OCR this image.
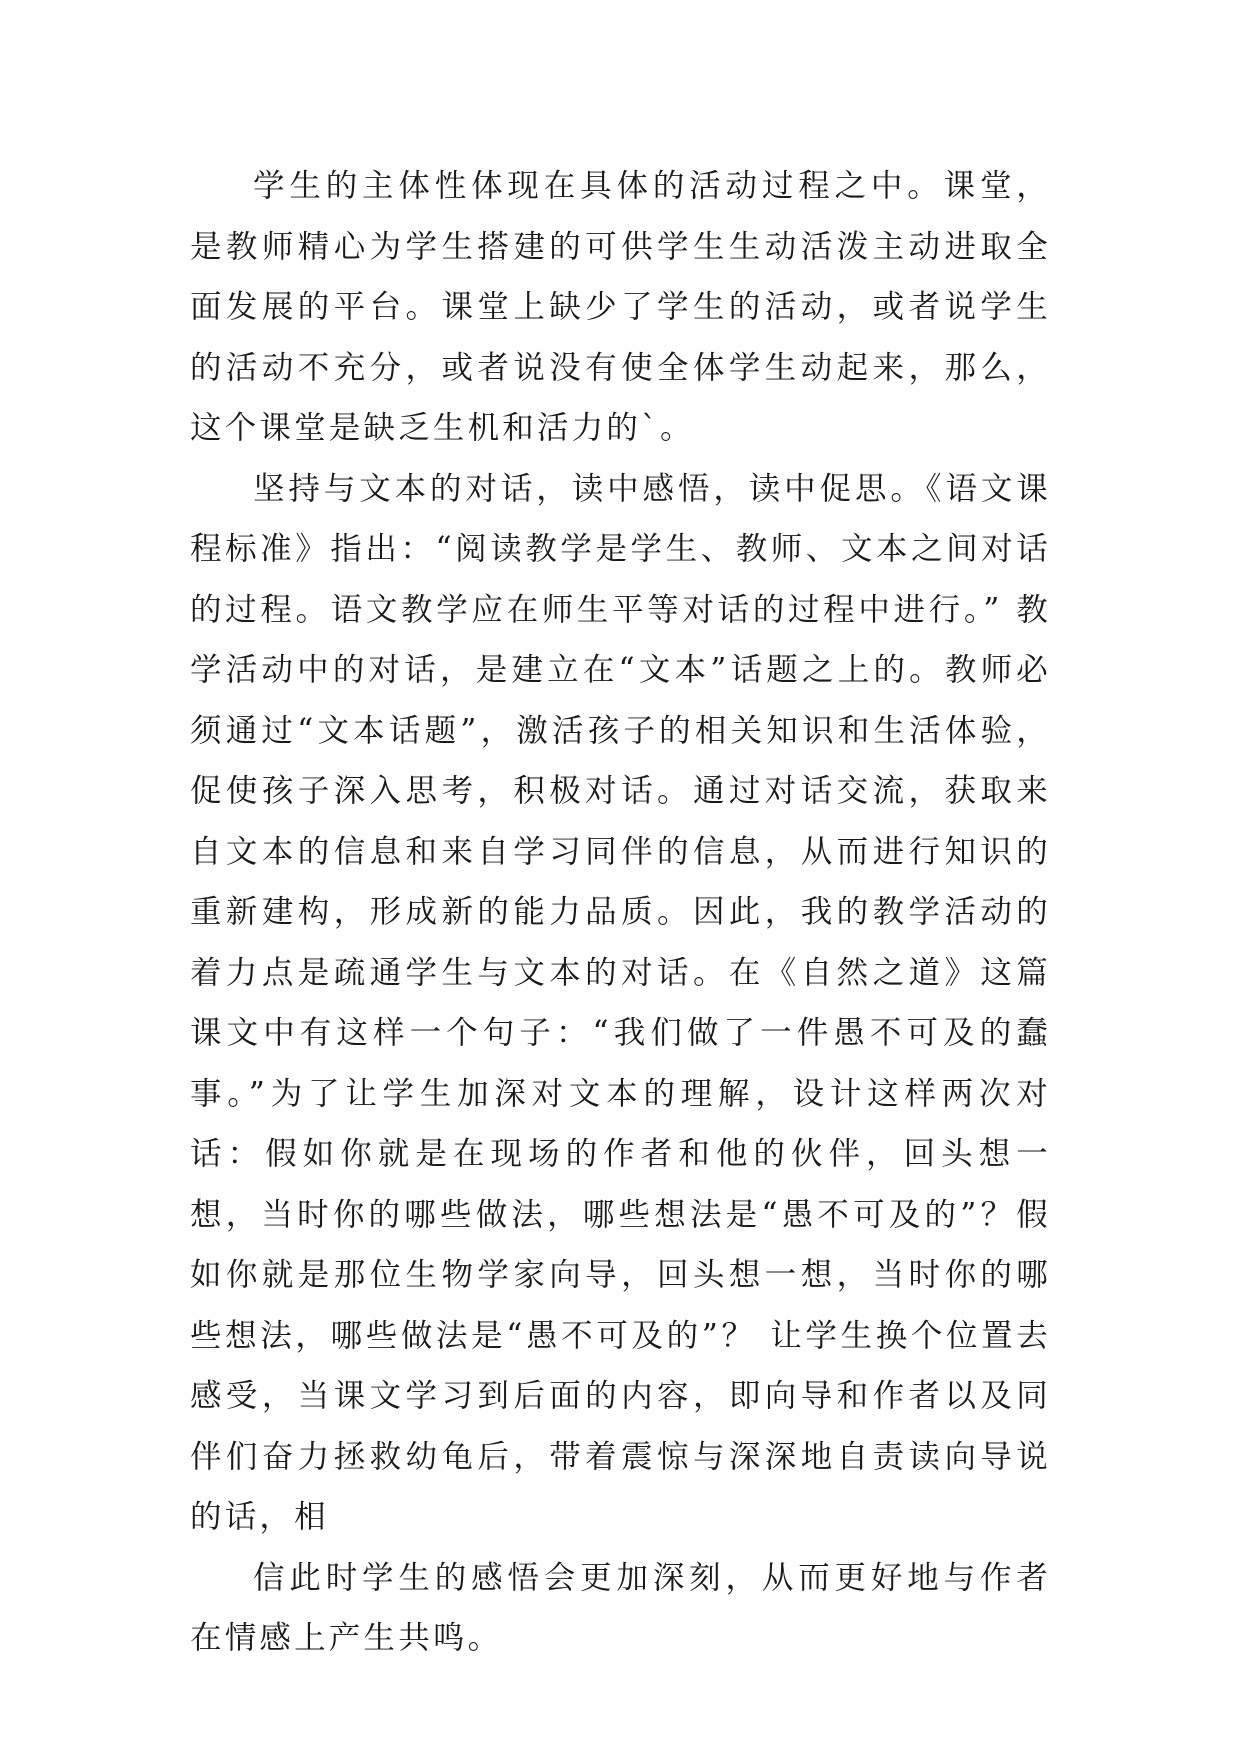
学生的主体性体现在具体的活动过程之中。课堂，是教师精心为学生搭建的可供学生生动活泼主动进取全面发展的平台。课堂上缺少了学生的活动，或者说学生的活动不充分，或者说没有使全体学生动起来，那么，这个课堂是缺乏生机和活力的`。

坚持与文本的对话，读中感悟，读中促思。《语文课程标准》指出：“阅读教学是学生、教师、文本之间对话的过程。语文教学应在师生平等对话的过程中进行。” 教学活动中的对话，是建立在“文本”话题之上的。教师必须通过“文本话题”，激活孩子的相关知识和生活体验，促使孩子深入思考，积极对话。通过对话交流，获取来自文本的信息和来自学习同伴的信息，从而进行知识的重新建构，形成新的能力品质。因此，我的教学活动的着力点是疏通学生与文本的对话。在《自然之道》这篇课文中有这样一个句子：“我们做了一件愚不可及的蠢事。”为了让学生加深对文本的理解，设计这样两次对话：假如你就是在现场的作者和他的伙伴，回头想一想，当时你的哪些做法，哪些想法是“愚不可及的”？假如你就是那位生物学家向导，回头想一想，当时你的哪些想法，哪些做法是“愚不可及的”？ 让学生换个位置去感受，当课文学习到后面的内容，即向导和作者以及同伴们奋力拯救幼龟后，带着震惊与深深地自责读向导说的话，相

信此时学生的感悟会更加深刻，从而更好地与作者在情感上产生共鸣。
